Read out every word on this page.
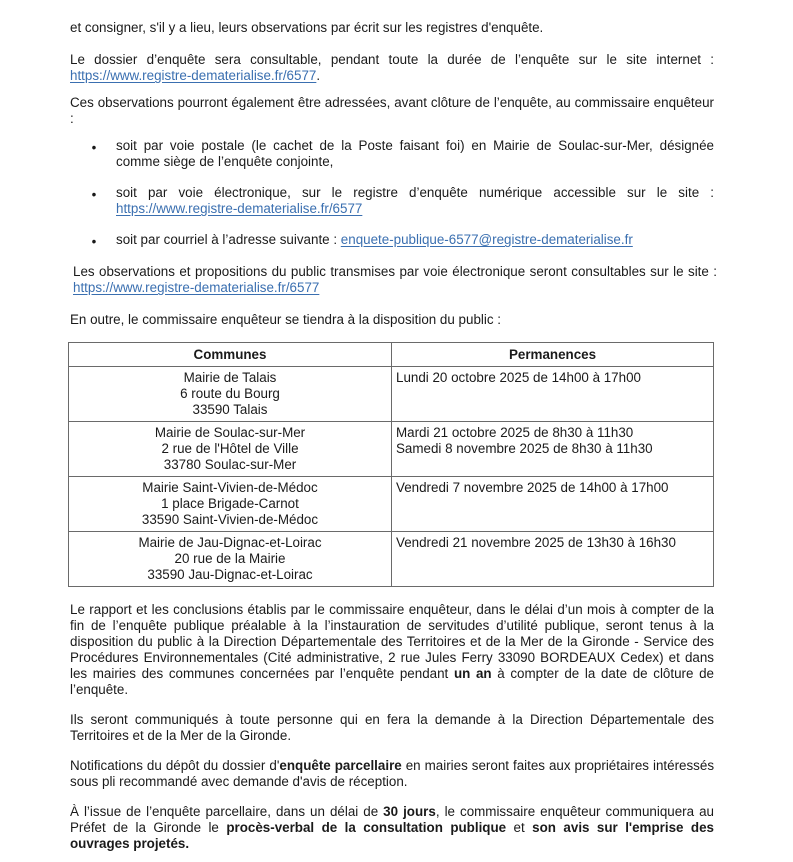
et consigner, s'il y a lieu, leurs observations par écrit sur les registres d'enquête.

Le dossier d’enquête sera consultable, pendant toute la durée de l’enquête sur le site internet : https://www.registre-dematerialise.fr/6577.

Ces observations pourront également être adressées, avant clôture de l’enquête, au commissaire enquêteur :

• soit par voie postale (le cachet de la Poste faisant foi) en Mairie de Soulac-sur-Mer, désignée comme siège de l’enquête conjointe,

• soit par voie électronique, sur le registre d’enquête numérique accessible sur le site : https://www.registre-dematerialise.fr/6577

• soit par courriel à l’adresse suivante : enquete-publique-6577@registre-dematerialise.fr

Les observations et propositions du public transmises par voie électronique seront consultables sur le site : https://www.registre-dematerialise.fr/6577

En outre, le commissaire enquêteur se tiendra à la disposition du public :

Communes	Permanences

Mairie de Talais
6 route du Bourg
33590 Talais	Lundi 20 octobre 2025 de 14h00 à 17h00

Mairie de Soulac-sur-Mer
2 rue de l'Hôtel de Ville
33780 Soulac-sur-Mer	Mardi 21 octobre 2025 de 8h30 à 11h30
Samedi 8 novembre 2025 de 8h30 à 11h30

Mairie Saint-Vivien-de-Médoc
1 place Brigade-Carnot
33590 Saint-Vivien-de-Médoc	Vendredi 7 novembre 2025 de 14h00 à 17h00

Mairie de Jau-Dignac-et-Loirac
20 rue de la Mairie
33590 Jau-Dignac-et-Loirac	Vendredi 21 novembre 2025 de 13h30 à 16h30

Le rapport et les conclusions établis par le commissaire enquêteur, dans le délai d’un mois à compter de la fin de l’enquête publique préalable à la l’instauration de servitudes d’utilité publique, seront tenus à la disposition du public à la Direction Départementale des Territoires et de la Mer de la Gironde - Service des Procédures Environnementales (Cité administrative, 2 rue Jules Ferry 33090 BORDEAUX Cedex) et dans les mairies des communes concernées par l’enquête pendant un an à compter de la date de clôture de l’enquête.

Ils seront communiqués à toute personne qui en fera la demande à la Direction Départementale des Territoires et de la Mer de la Gironde.

Notifications du dépôt du dossier d'enquête parcellaire en mairies seront faites aux propriétaires intéressés sous pli recommandé avec demande d'avis de réception.

À l’issue de l’enquête parcellaire, dans un délai de 30 jours, le commissaire enquêteur communiquera au Préfet de la Gironde le procès-verbal de la consultation publique et son avis sur l'emprise des ouvrages projetés.
